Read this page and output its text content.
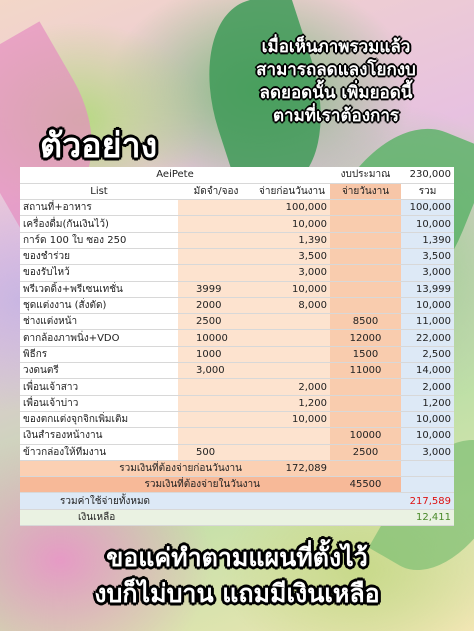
เมื่อเห็นภาพรวมแล้ว
สามารถลดแลงโยกงบ
ลดยอดนั้น เพิ่มยอดนี้
ตามที่เราต้องการ
ตัวอย่าง
AeiPete			งบประมาณ	230,000
List	มัดจำ/จอง	จ่ายก่อนวันงาน	จ่ายวันงาน	รวม
สถานที่+อาหาร		100,000		100,000
เครื่องดื่ม(กันเงินไว้)		10,000		10,000
การ์ด 100 ใบ ซอง 250		1,390		1,390
ของชำร่วย		3,500		3,500
ของรับไหว้		3,000		3,000
พรีเวดดิ้ง+พรีเซนเทชั่น	3999	10,000		13,999
ชุดแต่งงาน (สั่งตัด)	2000	8,000		10,000
ช่างแต่งหน้า	2500		8500	11,000
ตากล้องภาพนิ่ง+VDO	10000		12000	22,000
พิธีกร	1000		1500	2,500
วงดนตรี	3,000		11000	14,000
เพื่อนเจ้าสาว		2,000		2,000
เพื่อนเจ้าบ่าว		1,200		1,200
ของตกแต่งจุกจิกเพิ่มเติม		10,000		10,000
เงินสำรองหน้างาน			10000	10,000
ข้าวกล่องให้ทีมงาน	500		2500	3,000
รวมเงินที่ต้องจ่ายก่อนวันงาน		172,089		
รวมเงินที่ต้องจ่ายในวันงาน			45500	
รวมค่าใช้จ่ายทั้งหมด				217,589
เงินเหลือ				12,411
ขอแค่ทำตามแผนที่ตั้งไว้
งบก็ไม่บาน แถมมีเงินเหลือ
